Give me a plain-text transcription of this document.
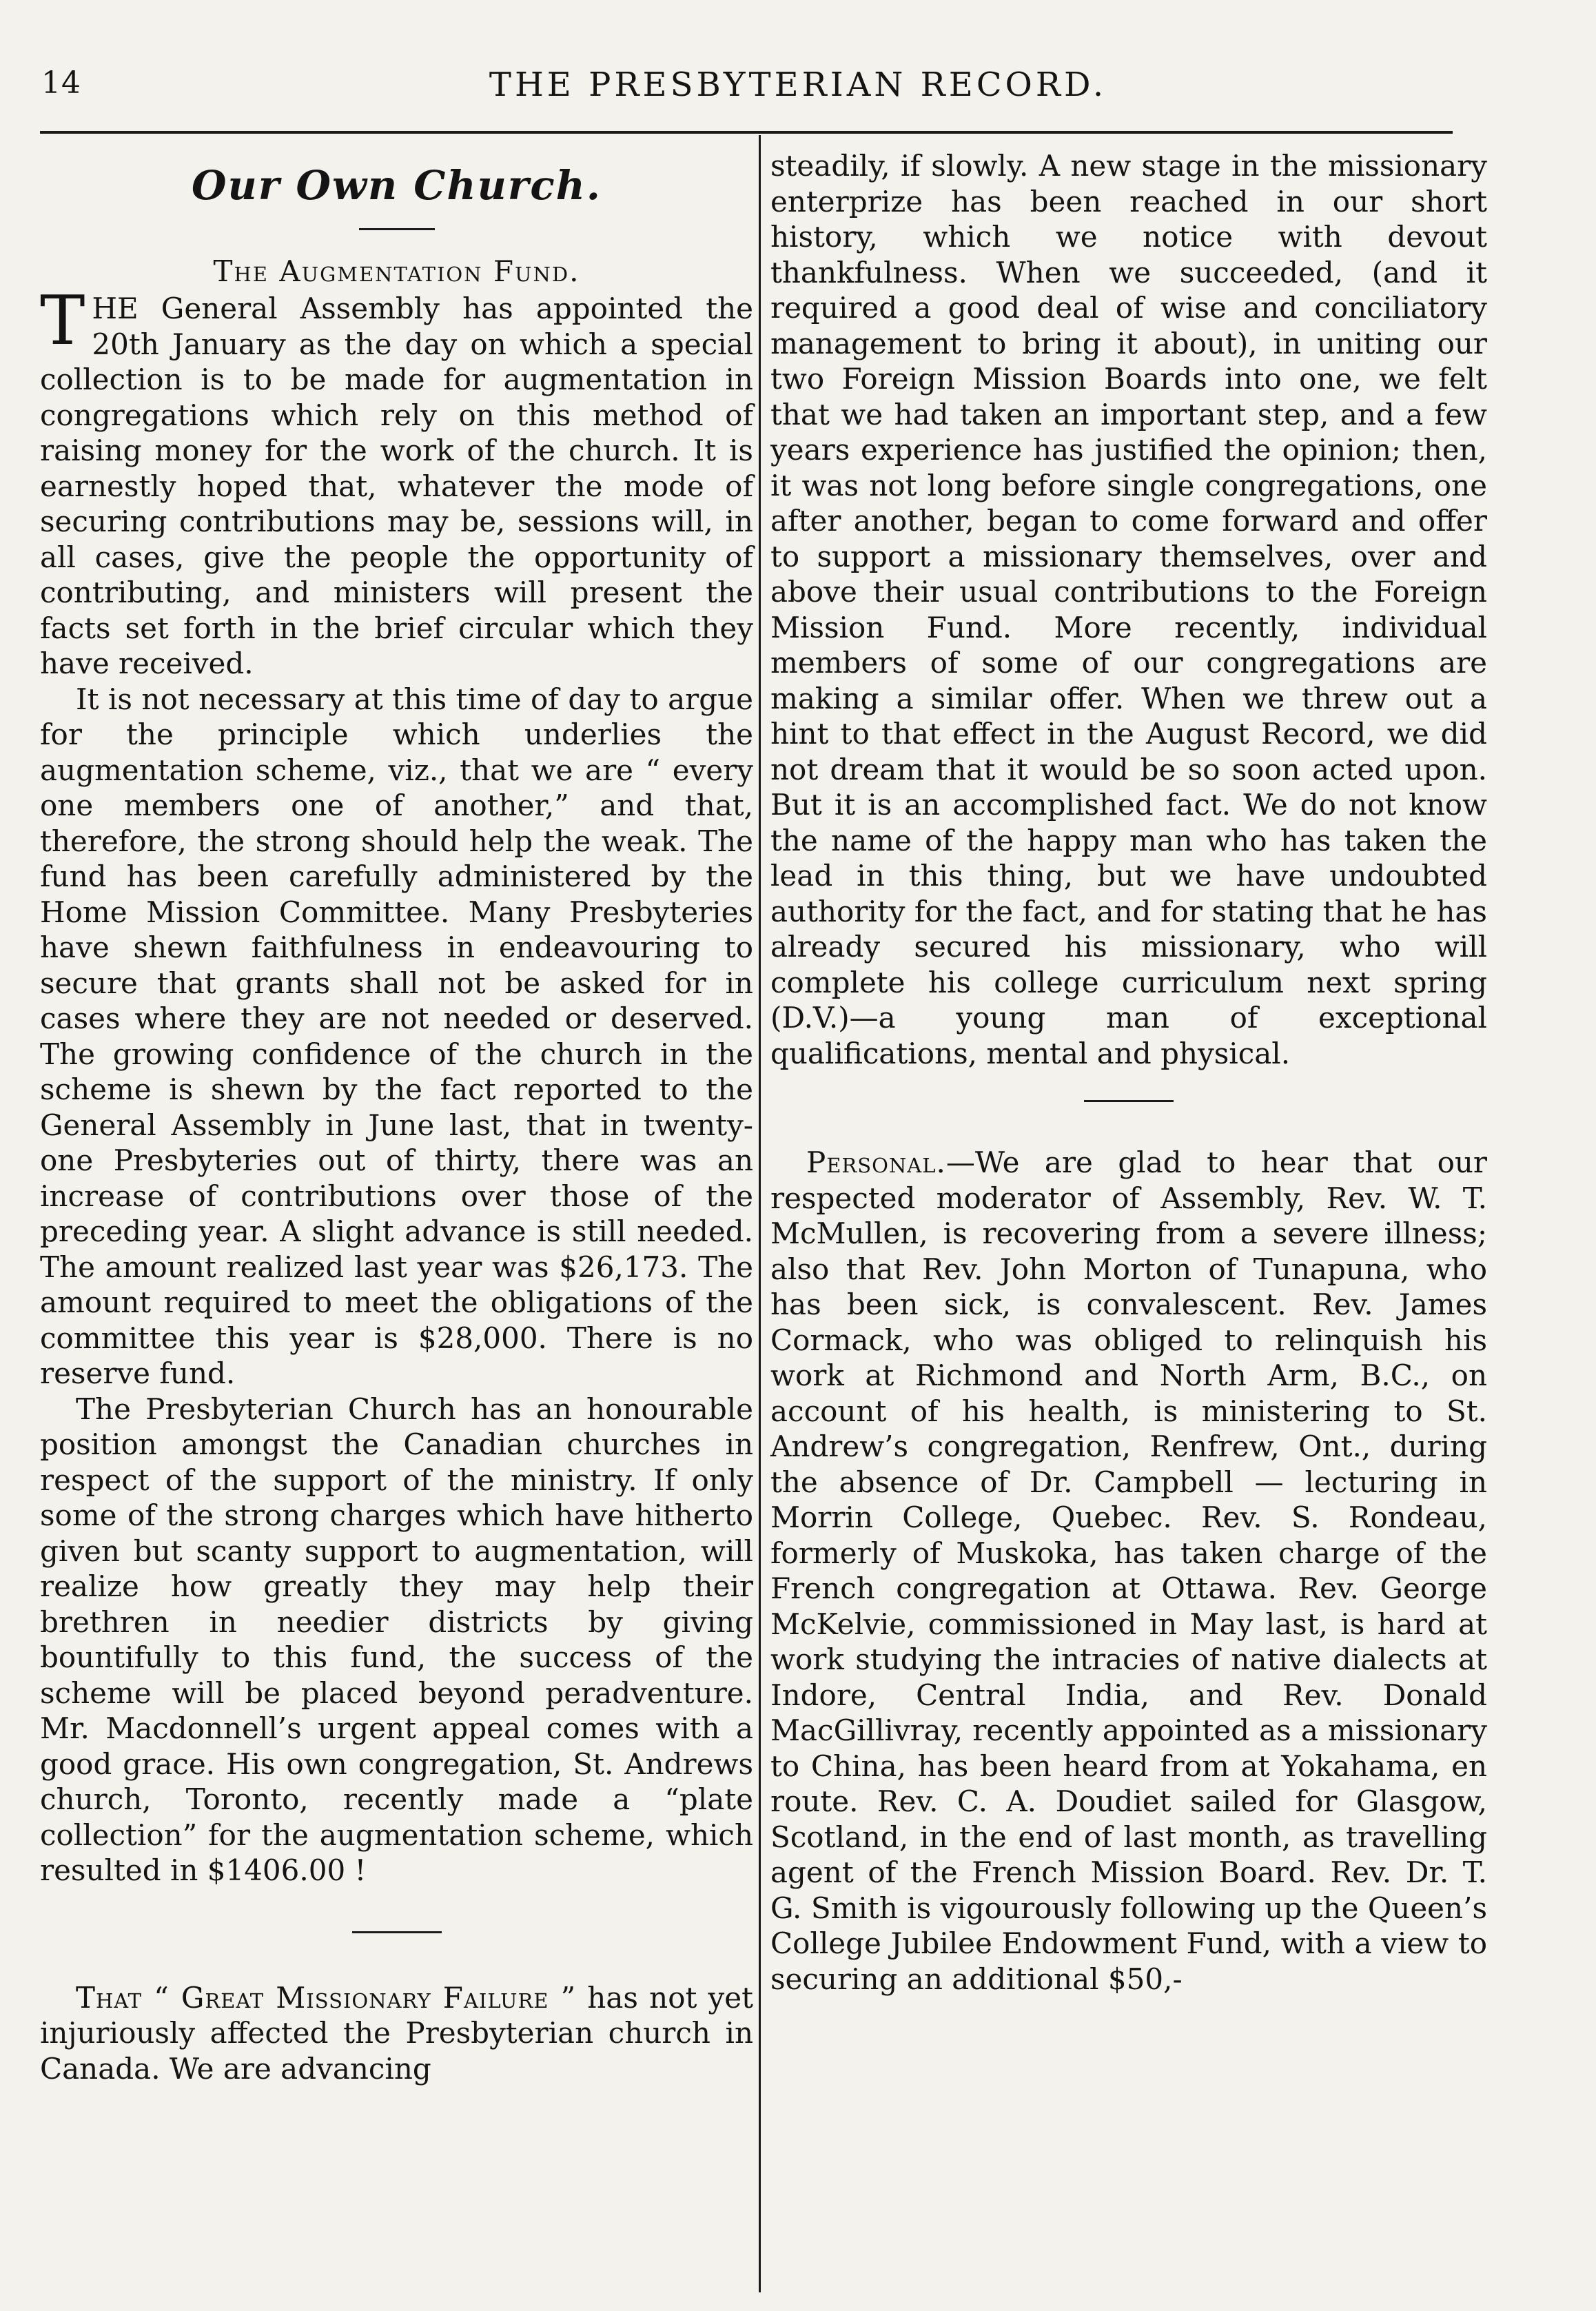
14	THE PRESBYTERIAN RECORD.
Our Own Church.
The Augmentation Fund.

THE General Assembly has appointed the 20th January as the day on which a special collection is to be made for augmentation in congregations which rely on this method of raising money for the work of the church. It is earnestly hoped that, whatever the mode of securing contributions may be, sessions will, in all cases, give the people the opportunity of contributing, and ministers will present the facts set forth in the brief circular which they have received.

It is not necessary at this time of day to argue for the principle which underlies the augmentation scheme, viz., that we are “ every one members one of another,” and that, therefore, the strong should help the weak. The fund has been carefully administered by the Home Mission Committee. Many Presbyteries have shewn faithfulness in endeavouring to secure that grants shall not be asked for in cases where they are not needed or deserved. The growing confidence of the church in the scheme is shewn by the fact reported to the General Assembly in June last, that in twenty-one Presbyteries out of thirty, there was an increase of contributions over those of the preceding year. A slight advance is still needed. The amount realized last year was $26,173. The amount required to meet the obligations of the committee this year is $28,000. There is no reserve fund.

The Presbyterian Church has an honourable position amongst the Canadian churches in respect of the support of the ministry. If only some of the strong charges which have hitherto given but scanty support to augmentation, will realize how greatly they may help their brethren in needier districts by giving bountifully to this fund, the success of the scheme will be placed beyond peradventure. Mr. Macdonnell’s urgent appeal comes with a good grace. His own congregation, St. Andrews church, Toronto, recently made a “plate collection” for the augmentation scheme, which resulted in $1406.00 !

That “ Great Missionary Failure ” has not yet injuriously affected the Presbyterian church in Canada. We are advancing

steadily, if slowly. A new stage in the missionary enterprize has been reached in our short history, which we notice with devout thankfulness. When we succeeded, (and it required a good deal of wise and conciliatory management to bring it about), in uniting our two Foreign Mission Boards into one, we felt that we had taken an important step, and a few years experience has justified the opinion; then, it was not long before single congregations, one after another, began to come forward and offer to support a missionary themselves, over and above their usual contributions to the Foreign Mission Fund. More recently, individual members of some of our congregations are making a similar offer. When we threw out a hint to that effect in the August Record, we did not dream that it would be so soon acted upon. But it is an accomplished fact. We do not know the name of the happy man who has taken the lead in this thing, but we have undoubted authority for the fact, and for stating that he has already secured his missionary, who will complete his college curriculum next spring (D.V.)—a young man of exceptional qualifications, mental and physical.

Personal.—We are glad to hear that our respected moderator of Assembly, Rev. W. T. McMullen, is recovering from a severe illness; also that Rev. John Morton of Tunapuna, who has been sick, is convalescent. Rev. James Cormack, who was obliged to relinquish his work at Richmond and North Arm, B.C., on account of his health, is ministering to St. Andrew’s congregation, Renfrew, Ont., during the absence of Dr. Campbell — lecturing in Morrin College, Quebec. Rev. S. Rondeau, formerly of Muskoka, has taken charge of the French congregation at Ottawa. Rev. George McKelvie, commissioned in May last, is hard at work studying the intracies of native dialects at Indore, Central India, and Rev. Donald MacGillivray, recently appointed as a missionary to China, has been heard from at Yokahama, en route. Rev. C. A. Doudiet sailed for Glasgow, Scotland, in the end of last month, as travelling agent of the French Mission Board. Rev. Dr. T. G. Smith is vigourously following up the Queen’s College Jubilee Endowment Fund, with a view to securing an additional $50,-
